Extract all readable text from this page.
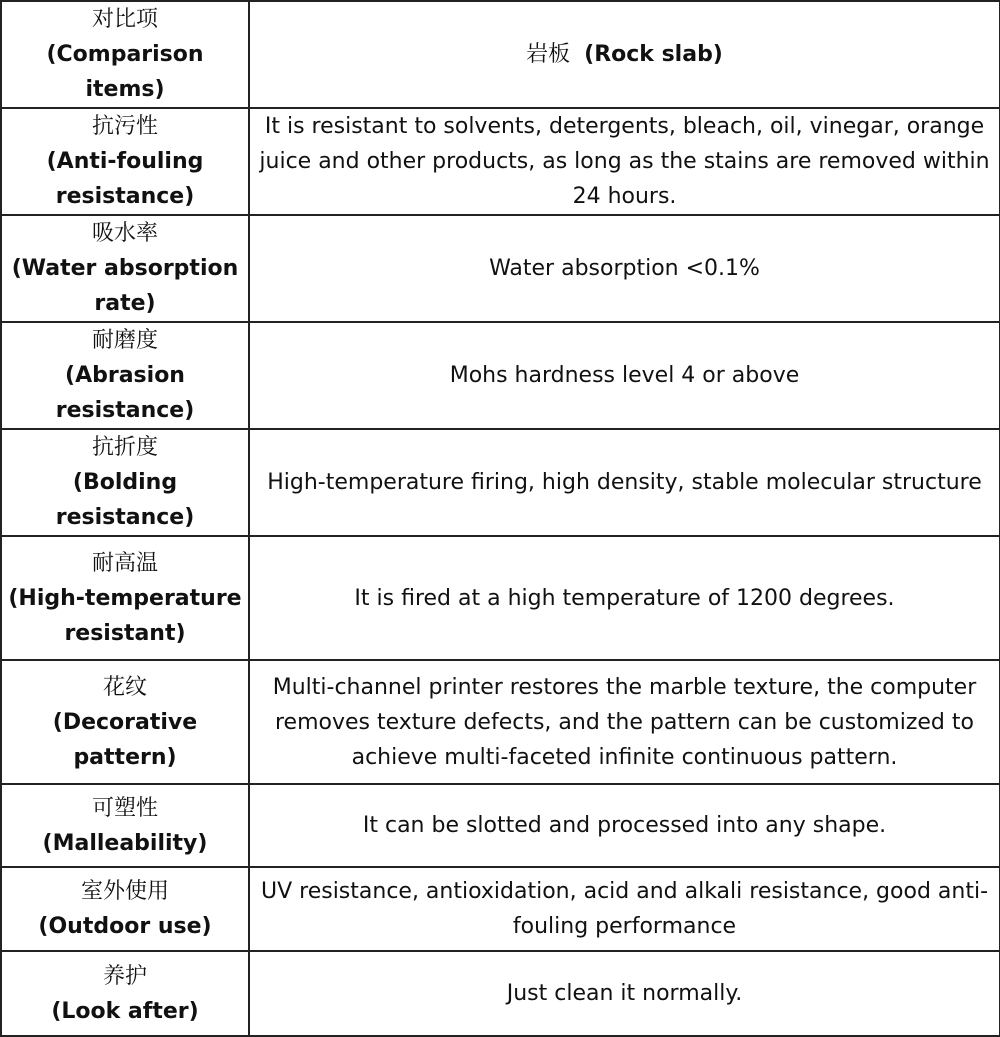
对比项
(Comparison items)	岩板 (Rock slab)

抗污性
(Anti-fouling
resistance)	It is resistant to solvents, detergents, bleach, oil, vinegar, orange juice and other products, as long as the stains are removed within 24 hours.

吸水率
(Water absorption
rate)	Water absorption <0.1%

耐磨度
(Abrasion
resistance)	Mohs hardness level 4 or above

抗折度
(Bolding
resistance)	High-temperature firing, high density, stable molecular structure

耐高温
(High-temperature
resistant)	It is fired at a high temperature of 1200 degrees.

花纹
(Decorative
pattern)	Multi-channel printer restores the marble texture, the computer removes texture defects, and the pattern can be customized to achieve multi-faceted infinite continuous pattern.

可塑性
(Malleability)	It can be slotted and processed into any shape.

室外使用
(Outdoor use)	UV resistance, antioxidation, acid and alkali resistance, good anti-fouling performance

养护
(Look after)	Just clean it normally.
